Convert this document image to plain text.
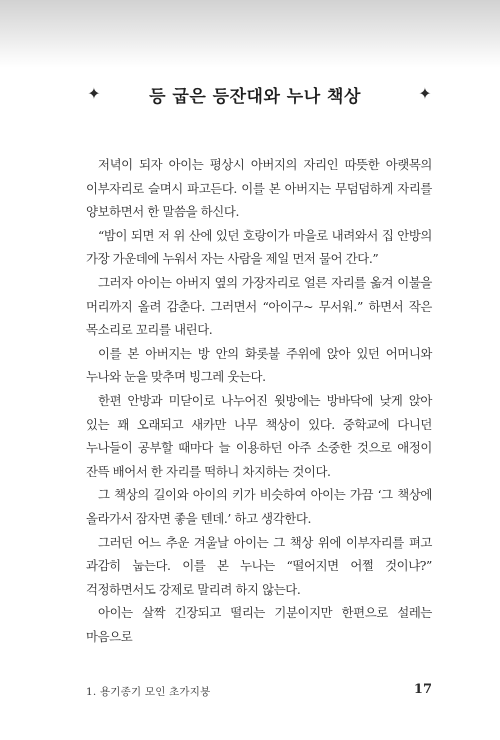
✦	등 굽은 등잔대와 누나 책상	✦

저녁이 되자 아이는 평상시 아버지의 자리인 따뜻한 아랫목의 이부자리로 슬며시 파고든다. 이를 본 아버지는 무덤덤하게 자리를 양보하면서 한 말씀을 하신다.

“밤이 되면 저 위 산에 있던 호랑이가 마을로 내려와서 집 안방의 가장 가운데에 누워서 자는 사람을 제일 먼저 물어 간다.”

그러자 아이는 아버지 옆의 가장자리로 얼른 자리를 옮겨 이불을 머리까지 올려 감춘다. 그러면서 “아이구~ 무서워.” 하면서 작은 목소리로 꼬리를 내린다.

이를 본 아버지는 방 안의 화롯불 주위에 앉아 있던 어머니와 누나와 눈을 맞추며 빙그레 웃는다.

한편 안방과 미닫이로 나누어진 윗방에는 방바닥에 낮게 앉아 있는 꽤 오래되고 새카만 나무 책상이 있다. 중학교에 다니던 누나들이 공부할 때마다 늘 이용하던 아주 소중한 것으로 애정이 잔뜩 배어서 한 자리를 떡하니 차지하는 것이다.

그 책상의 길이와 아이의 키가 비슷하여 아이는 가끔 ‘그 책상에 올라가서 잠자면 좋을 텐데.’ 하고 생각한다.

그러던 어느 추운 겨울날 아이는 그 책상 위에 이부자리를 펴고 과감히 눕는다. 이를 본 누나는 “떨어지면 어쩔 것이냐?” 걱정하면서도 강제로 말리려 하지 않는다.

아이는 살짝 긴장되고 떨리는 기분이지만 한편으로 설레는 마음으로

1. 용기종기 모인 초가지붕	17
